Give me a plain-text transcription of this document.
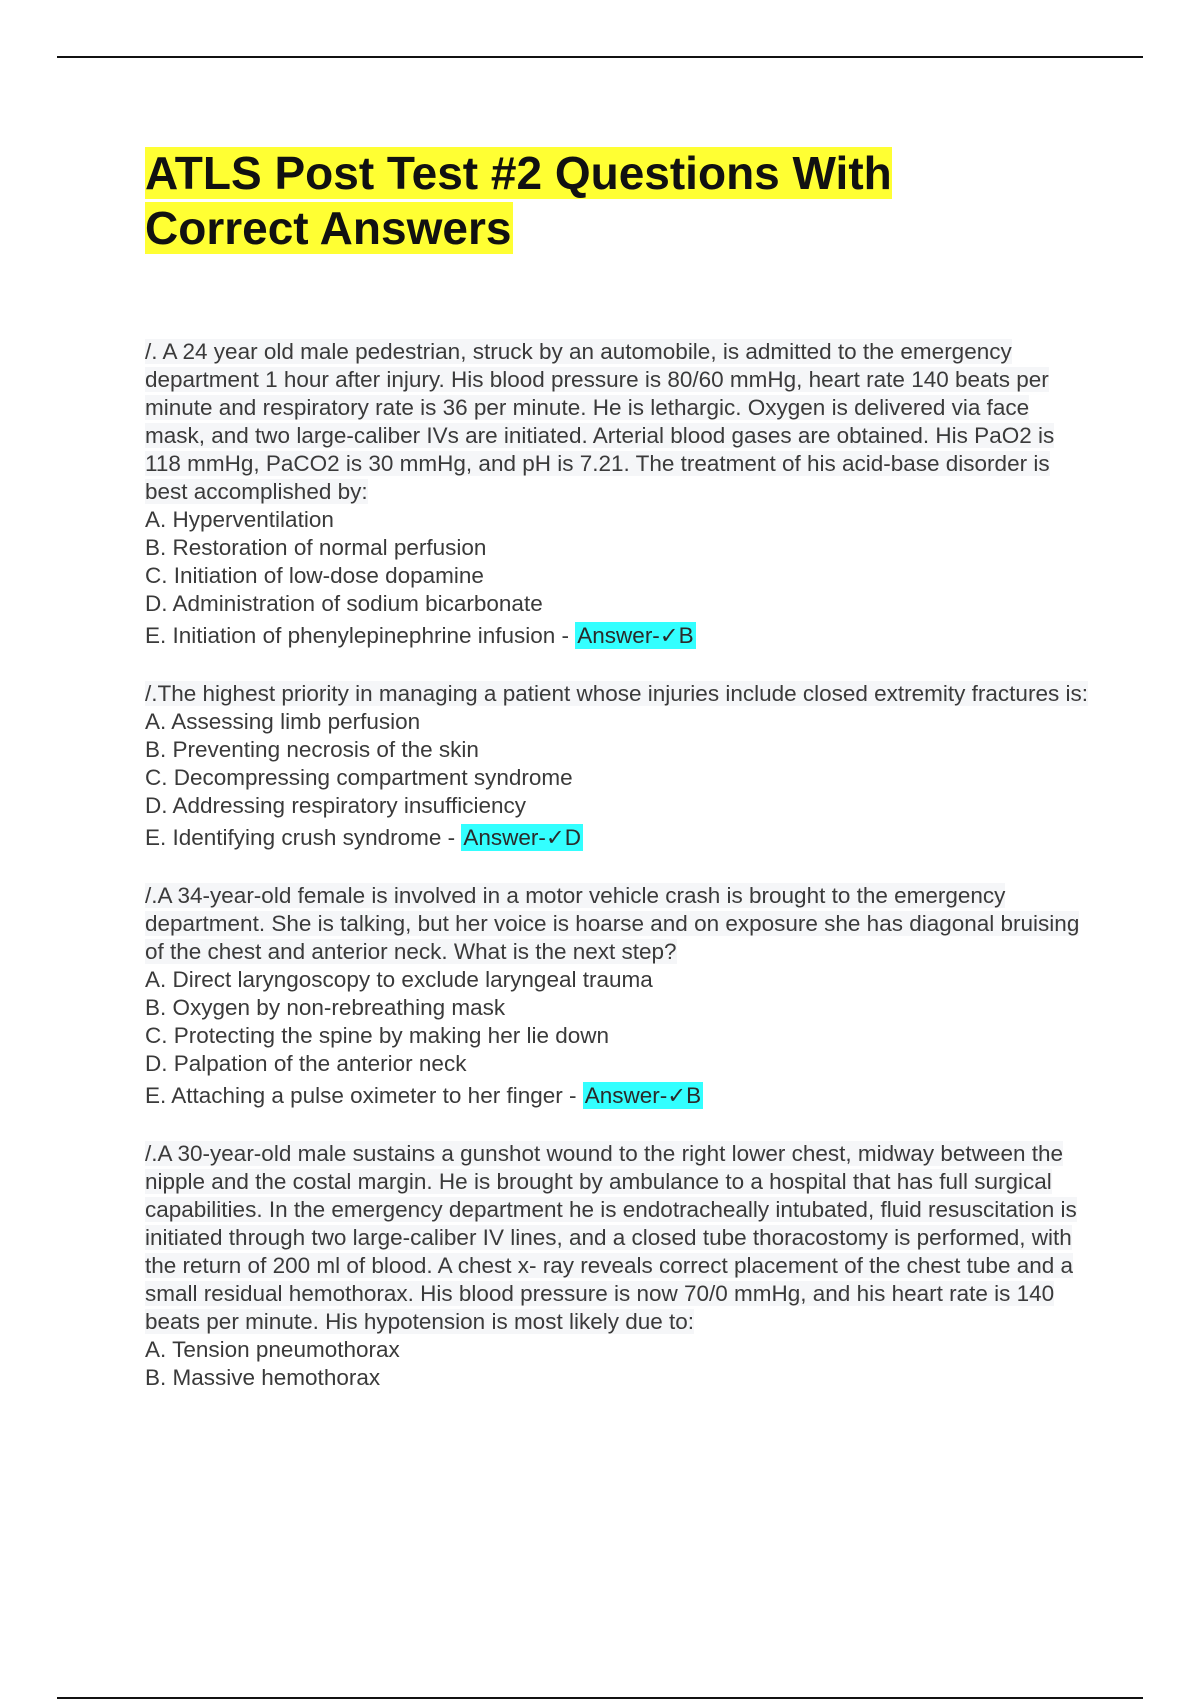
ATLS Post Test #2 Questions With Correct Answers

/. A 24 year old male pedestrian, struck by an automobile, is admitted to the emergency department 1 hour after injury. His blood pressure is 80/60 mmHg, heart rate 140 beats per minute and respiratory rate is 36 per minute. He is lethargic. Oxygen is delivered via face mask, and two large-caliber IVs are initiated. Arterial blood gases are obtained. His PaO2 is 118 mmHg, PaCO2 is 30 mmHg, and pH is 7.21. The treatment of his acid-base disorder is best accomplished by:

A. Hyperventilation

B. Restoration of normal perfusion

C. Initiation of low-dose dopamine

D. Administration of sodium bicarbonate

E. Initiation of phenylepinephrine infusion - Answer-✓B

/.The highest priority in managing a patient whose injuries include closed extremity fractures is:

A. Assessing limb perfusion

B. Preventing necrosis of the skin

C. Decompressing compartment syndrome

D. Addressing respiratory insufficiency

E. Identifying crush syndrome - Answer-✓D

/.A 34-year-old female is involved in a motor vehicle crash is brought to the emergency department. She is talking, but her voice is hoarse and on exposure she has diagonal bruising of the chest and anterior neck. What is the next step?

A. Direct laryngoscopy to exclude laryngeal trauma

B. Oxygen by non-rebreathing mask

C. Protecting the spine by making her lie down

D. Palpation of the anterior neck

E. Attaching a pulse oximeter to her finger - Answer-✓B

/.A 30-year-old male sustains a gunshot wound to the right lower chest, midway between the nipple and the costal margin. He is brought by ambulance to a hospital that has full surgical capabilities. In the emergency department he is endotracheally intubated, fluid resuscitation is initiated through two large-caliber IV lines, and a closed tube thoracostomy is performed, with the return of 200 ml of blood. A chest x- ray reveals correct placement of the chest tube and a small residual hemothorax. His blood pressure is now 70/0 mmHg, and his heart rate is 140 beats per minute. His hypotension is most likely due to:

A. Tension pneumothorax

B. Massive hemothorax
